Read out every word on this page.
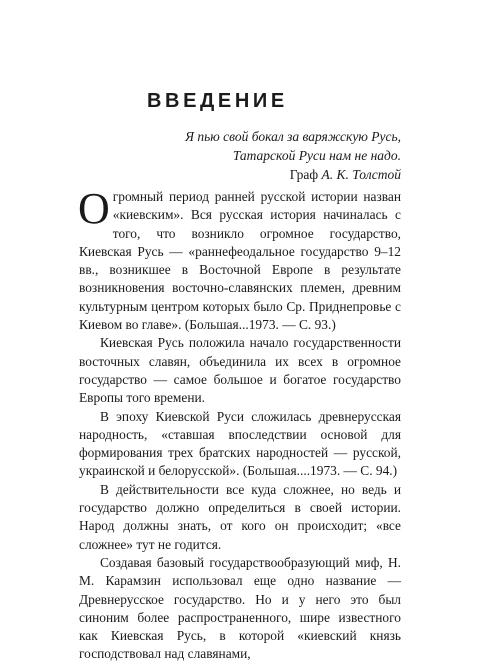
ВВЕДЕНИЕ
Я пью свой бокал за варяжскую Русь,
Татарской Руси нам не надо.
Граф А. К. Толстой

Огромный период ранней русской истории назван «киевским». Вся русская история начиналась с того, что возникло огромное государство, Киевская Русь — «раннефеодальное государство 9–12 вв., возникшее в Восточной Европе в результате возникновения восточно-славянских племен, древним культурным центром которых было Ср. Приднепровье с Киевом во главе». (Большая...1973. — С. 93.)

Киевская Русь положила начало государственности восточных славян, объединила их всех в огромное государство — самое большое и богатое государство Европы того времени.

В эпоху Киевской Руси сложилась древнерусская народность, «ставшая впоследствии основой для формирования трех братских народностей — русской, украинской и белорусской». (Большая....1973. — С. 94.)

В действительности все куда сложнее, но ведь и государство должно определиться в своей истории. Народ должны знать, от кого он происходит; «все сложнее» тут не годится.

Создавая базовый государствообразующий миф, Н. М. Карамзин использовал еще одно название — Древнерусское государство. Но и у него это был синоним более распространенного, шире известного как Киевская Русь, в которой «киевский князь господствовал над славянами,
